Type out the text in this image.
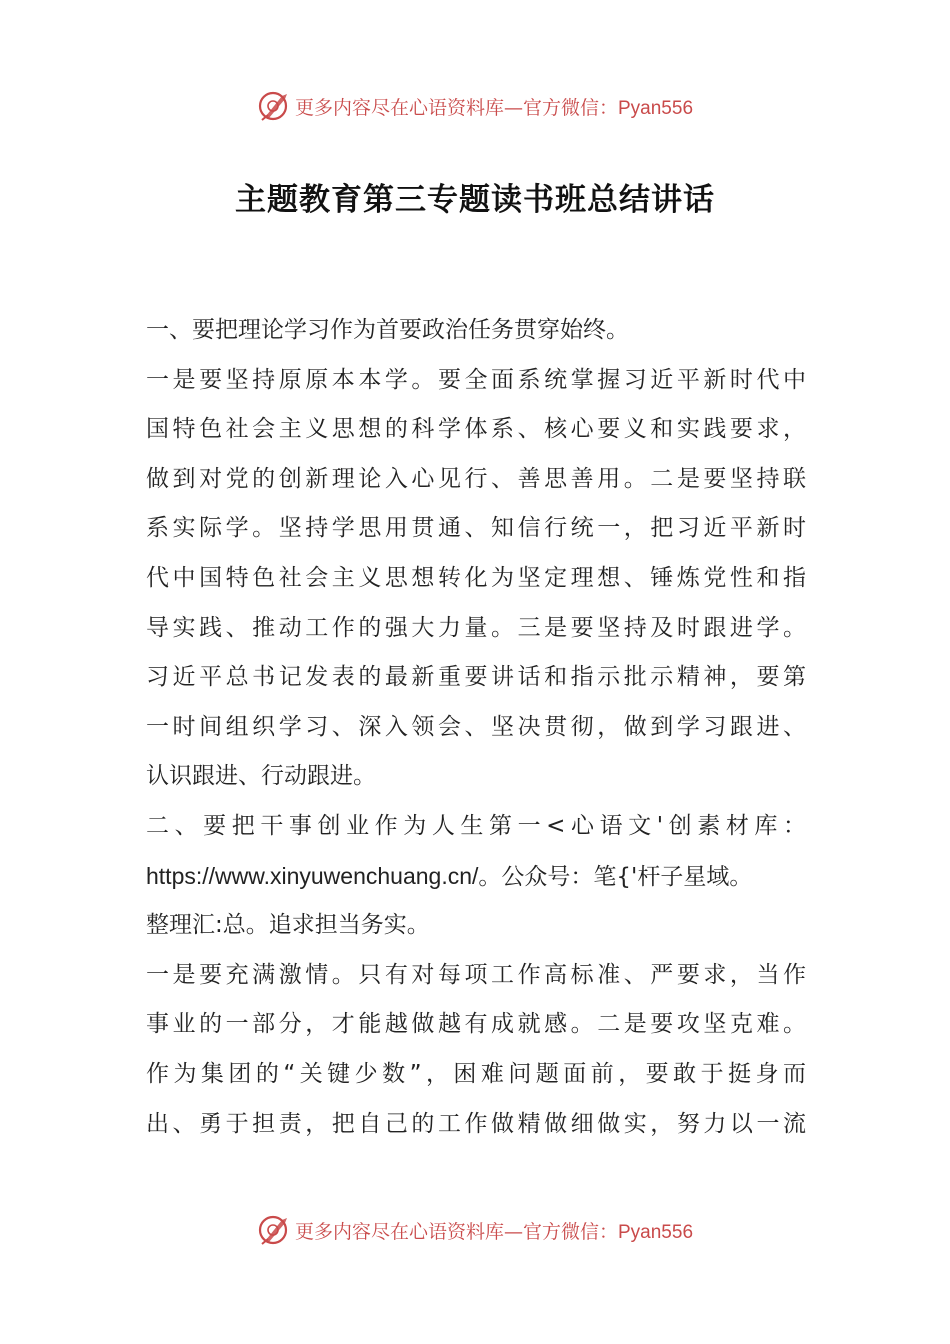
更多内容尽在心语资料库—官方微信：Pyan556
主题教育第三专题读书班总结讲话
一、要把理论学习作为首要政治任务贯穿始终。
一是要坚持原原本本学。要全面系统掌握习近平新时代中
国特色社会主义思想的科学体系、核心要义和实践要求，
做到对党的创新理论入心见行、善思善用。二是要坚持联
系实际学。坚持学思用贯通、知信行统一，把习近平新时
代中国特色社会主义思想转化为坚定理想、锤炼党性和指
导实践、推动工作的强大力量。三是要坚持及时跟进学。
习近平总书记发表的最新重要讲话和指示批示精神，要第
一时间组织学习、深入领会、坚决贯彻，做到学习跟进、
认识跟进、行动跟进。
二、要把干事创业作为人生第一<心语文'创素材库：
https://www.xinyuwenchuang.cn/。公众号：笔{'杆子星域。
整理汇:总。追求担当务实。
一是要充满激情。只有对每项工作高标准、严要求，当作
事业的一部分，才能越做越有成就感。二是要攻坚克难。
作为集团的“关键少数”，困难问题面前，要敢于挺身而
出、勇于担责，把自己的工作做精做细做实，努力以一流
更多内容尽在心语资料库—官方微信：Pyan556
